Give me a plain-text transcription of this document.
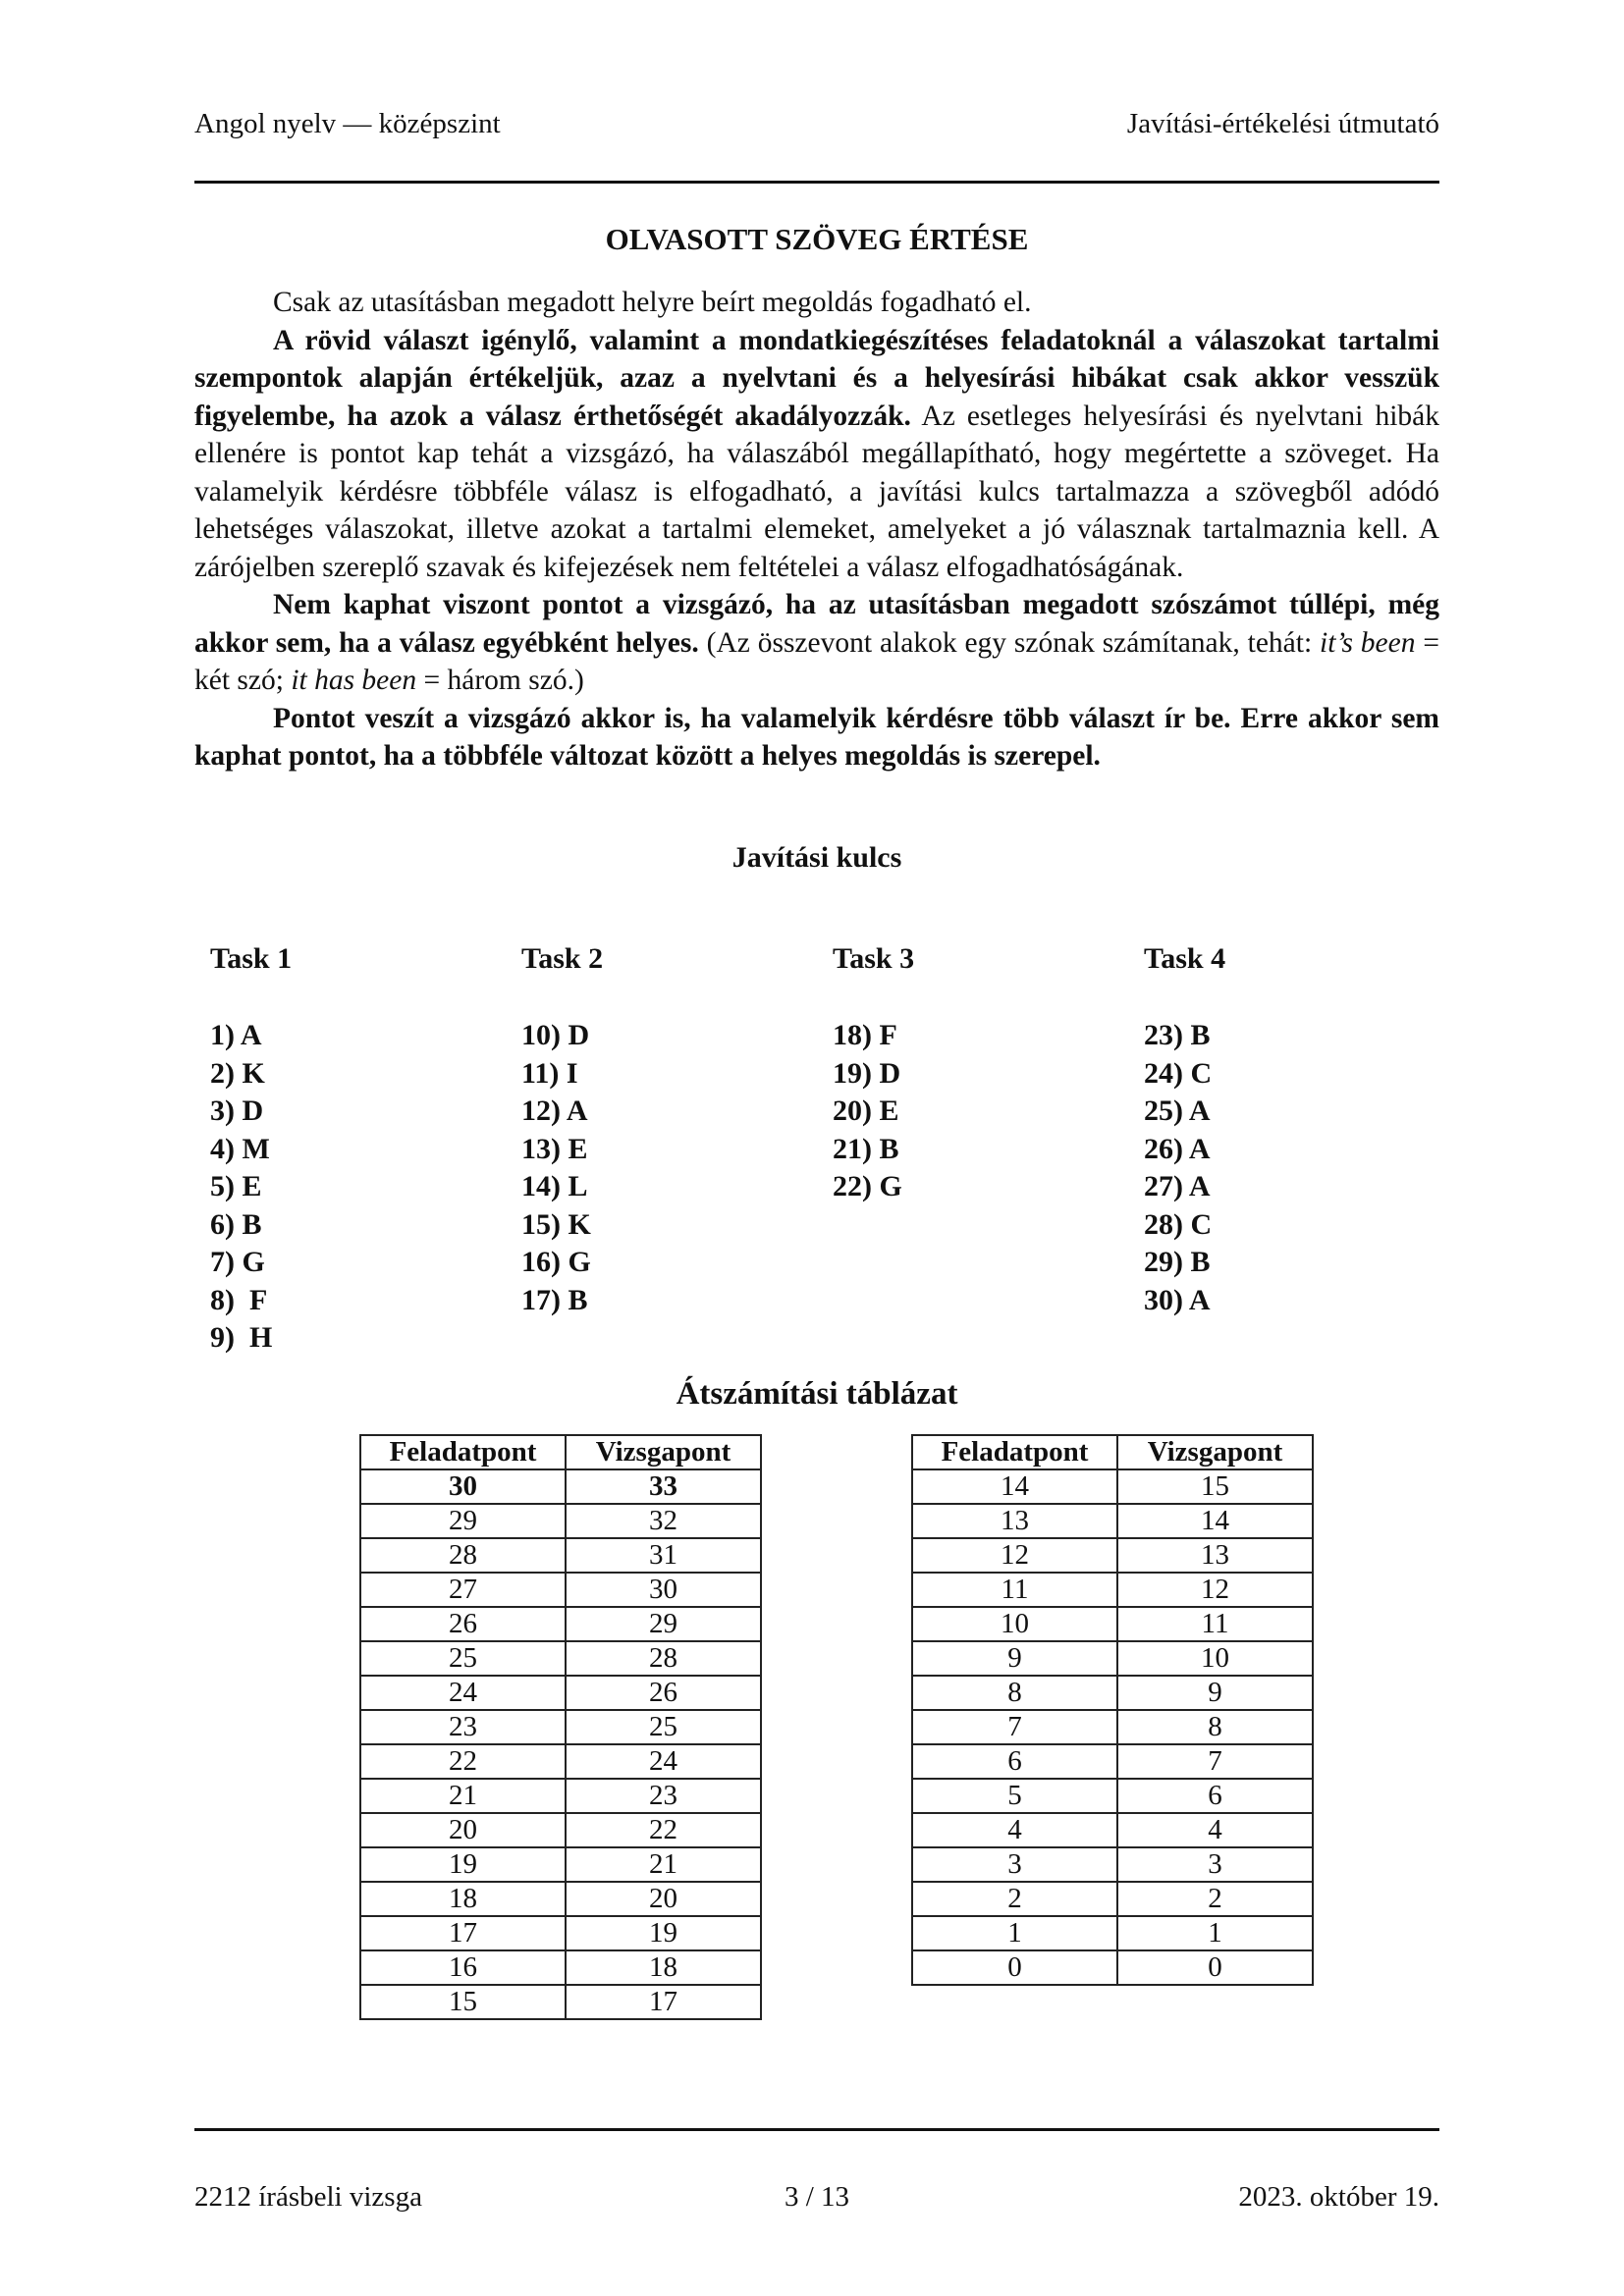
Angol nyelv — középszint	Javítási-értékelési útmutató
OLVASOTT SZÖVEG ÉRTÉSE

Csak az utasításban megadott helyre beírt megoldás fogadható el.

A rövid választ igénylő, valamint a mondatkiegészítéses feladatoknál a válaszokat tartalmi szempontok alapján értékeljük, azaz a nyelvtani és a helyesírási hibákat csak akkor vesszük figyelembe, ha azok a válasz érthetőségét akadályozzák. Az esetleges helyesírási és nyelvtani hibák ellenére is pontot kap tehát a vizsgázó, ha válaszából megállapítható, hogy megértette a szöveget. Ha valamelyik kérdésre többféle válasz is elfogadható, a javítási kulcs tartalmazza a szövegből adódó lehetséges válaszokat, illetve azokat a tartalmi elemeket, amelyeket a jó válasznak tartalmaznia kell. A zárójelben szereplő szavak és kifejezések nem feltételei a válasz elfogadhatóságának.

Nem kaphat viszont pontot a vizsgázó, ha az utasításban megadott szószámot túllépi, még akkor sem, ha a válasz egyébként helyes. (Az összevont alakok egy szónak számítanak, tehát: it’s been = két szó; it has been = három szó.)

Pontot veszít a vizsgázó akkor is, ha valamelyik kérdésre több választ ír be. Erre akkor sem kaphat pontot, ha a többféle változat között a helyes megoldás is szerepel.

Javítási kulcs
Task 1
1) A
2) K
3) D
4) M
5) E
6) B
7) G
8)  F
9)  H
Task 2
10) D
11) I
12) A
13) E
14) L
15) K
16) G
17) B
Task 3
18) F
19) D
20) E
21) B
22) G
Task 4
23) B
24) C
25) A
26) A
27) A
28) C
29) B
30) A
Átszámítási táblázat
Feladatpont	Vizsgapont
30	33
29	32
28	31
27	30
26	29
25	28
24	26
23	25
22	24
21	23
20	22
19	21
18	20
17	19
16	18
15	17
Feladatpont	Vizsgapont
14	15
13	14
12	13
11	12
10	11
9	10
8	9
7	8
6	7
5	6
4	4
3	3
2	2
1	1
0	0
2212 írásbeli vizsga	3 / 13	2023. október 19.
